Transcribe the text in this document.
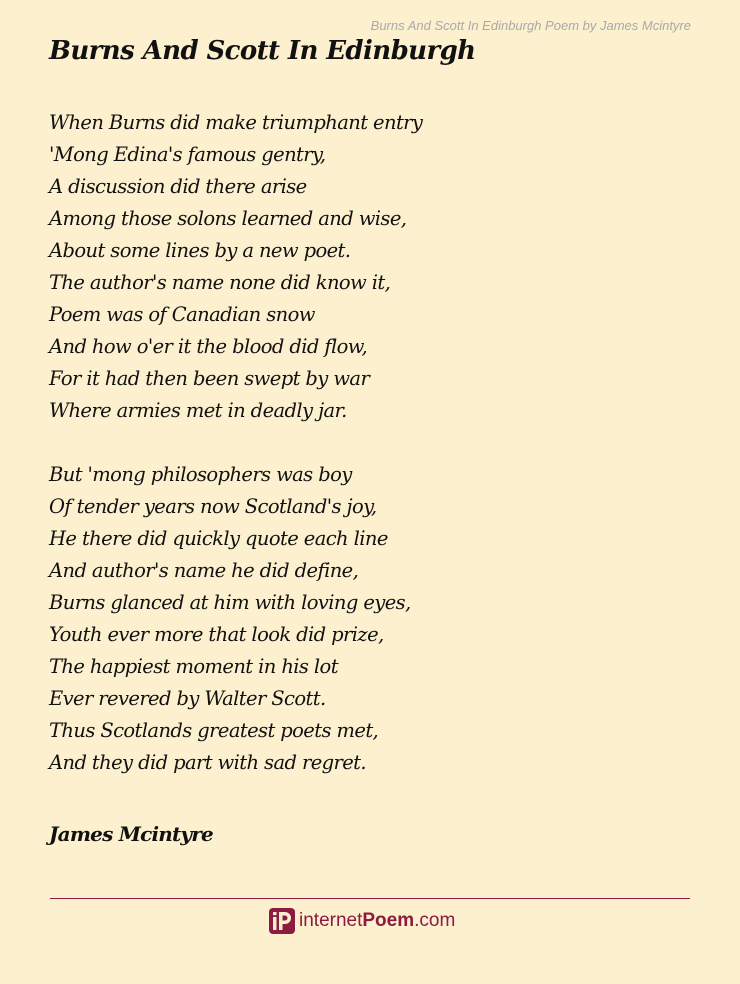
Burns And Scott In Edinburgh Poem by James Mcintyre
Burns And Scott In Edinburgh
When Burns did make triumphant entry
'Mong Edina's famous gentry,
A discussion did there arise
Among those solons learned and wise,
About some lines by a new poet.
The author's name none did know it,
Poem was of Canadian snow
And how o'er it the blood did flow,
For it had then been swept by war
Where armies met in deadly jar.
But 'mong philosophers was boy
Of tender years now Scotland's joy,
He there did quickly quote each line
And author's name he did define,
Burns glanced at him with loving eyes,
Youth ever more that look did prize,
The happiest moment in his lot
Ever revered by Walter Scott.
Thus Scotlands greatest poets met,
And they did part with sad regret.
James Mcintyre
internetPoem.com
